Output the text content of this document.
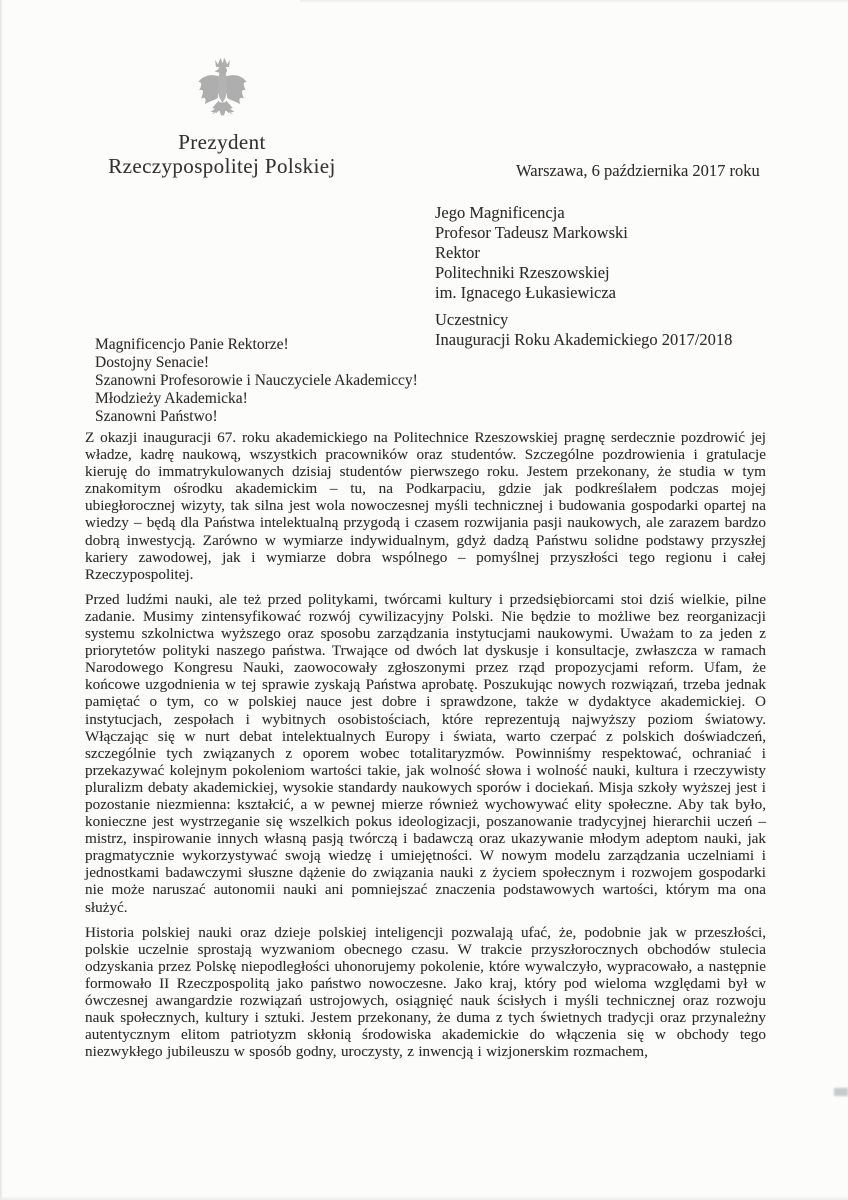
Prezydent
Rzeczypospolitej Polskiej	Warszawa, 6 października 2017 roku
Jego Magnificencja
Profesor Tadeusz Markowski
Rektor
Politechniki Rzeszowskiej
im. Ignacego Łukasiewicza
Uczestnicy
Inauguracji Roku Akademickiego 2017/2018
Magnificencjo Panie Rektorze!
Dostojny Senacie!
Szanowni Profesorowie i Nauczyciele Akademiccy!
Młodzieży Akademicka!
Szanowni Państwo!
Z okazji inauguracji 67. roku akademickiego na Politechnice Rzeszowskiej pragnę serdecznie pozdrowić jej władze, kadrę naukową, wszystkich pracowników oraz studentów. Szczególne pozdrowienia i gratulacje kieruję do immatrykulowanych dzisiaj studentów pierwszego roku. Jestem przekonany, że studia w tym znakomitym ośrodku akademickim – tu, na Podkarpaciu, gdzie jak podkreślałem podczas mojej ubiegłorocznej wizyty, tak silna jest wola nowoczesnej myśli technicznej i budowania gospodarki opartej na wiedzy – będą dla Państwa intelektualną przygodą i czasem rozwijania pasji naukowych, ale zarazem bardzo dobrą inwestycją. Zarówno w wymiarze indywidualnym, gdyż dadzą Państwu solidne podstawy przyszłej kariery zawodowej, jak i wymiarze dobra wspólnego – pomyślnej przyszłości tego regionu i całej Rzeczypospolitej.
Przed ludźmi nauki, ale też przed politykami, twórcami kultury i przedsiębiorcami stoi dziś wielkie, pilne zadanie. Musimy zintensyfikować rozwój cywilizacyjny Polski. Nie będzie to możliwe bez reorganizacji systemu szkolnictwa wyższego oraz sposobu zarządzania instytucjami naukowymi. Uważam to za jeden z priorytetów polityki naszego państwa. Trwające od dwóch lat dyskusje i konsultacje, zwłaszcza w ramach Narodowego Kongresu Nauki, zaowocowały zgłoszonymi przez rząd propozycjami reform. Ufam, że końcowe uzgodnienia w tej sprawie zyskają Państwa aprobatę. Poszukując nowych rozwiązań, trzeba jednak pamiętać o tym, co w polskiej nauce jest dobre i sprawdzone, także w dydaktyce akademickiej. O instytucjach, zespołach i wybitnych osobistościach, które reprezentują najwyższy poziom światowy. Włączając się w nurt debat intelektualnych Europy i świata, warto czerpać z polskich doświadczeń, szczególnie tych związanych z oporem wobec totalitaryzmów. Powinniśmy respektować, ochraniać i przekazywać kolejnym pokoleniom wartości takie, jak wolność słowa i wolność nauki, kultura i rzeczywisty pluralizm debaty akademickiej, wysokie standardy naukowych sporów i dociekań. Misja szkoły wyższej jest i pozostanie niezmienna: kształcić, a w pewnej mierze również wychowywać elity społeczne. Aby tak było, konieczne jest wystrzeganie się wszelkich pokus ideologizacji, poszanowanie tradycyjnej hierarchii uczeń – mistrz, inspirowanie innych własną pasją twórczą i badawczą oraz ukazywanie młodym adeptom nauki, jak pragmatycznie wykorzystywać swoją wiedzę i umiejętności. W nowym modelu zarządzania uczelniami i jednostkami badawczymi słuszne dążenie do związania nauki z życiem społecznym i rozwojem gospodarki nie może naruszać autonomii nauki ani pomniejszać znaczenia podstawowych wartości, którym ma ona służyć.
Historia polskiej nauki oraz dzieje polskiej inteligencji pozwalają ufać, że, podobnie jak w przeszłości, polskie uczelnie sprostają wyzwaniom obecnego czasu. W trakcie przyszłorocznych obchodów stulecia odzyskania przez Polskę niepodległości uhonorujemy pokolenie, które wywalczyło, wypracowało, a następnie formowało II Rzeczpospolitą jako państwo nowoczesne. Jako kraj, który pod wieloma względami był w ówczesnej awangardzie rozwiązań ustrojowych, osiągnięć nauk ścisłych i myśli technicznej oraz rozwoju nauk społecznych, kultury i sztuki. Jestem przekonany, że duma z tych świetnych tradycji oraz przynależny autentycznym elitom patriotyzm skłonią środowiska akademickie do włączenia się w obchody tego niezwykłego jubileuszu w sposób godny, uroczysty, z inwencją i wizjonerskim rozmachem,
